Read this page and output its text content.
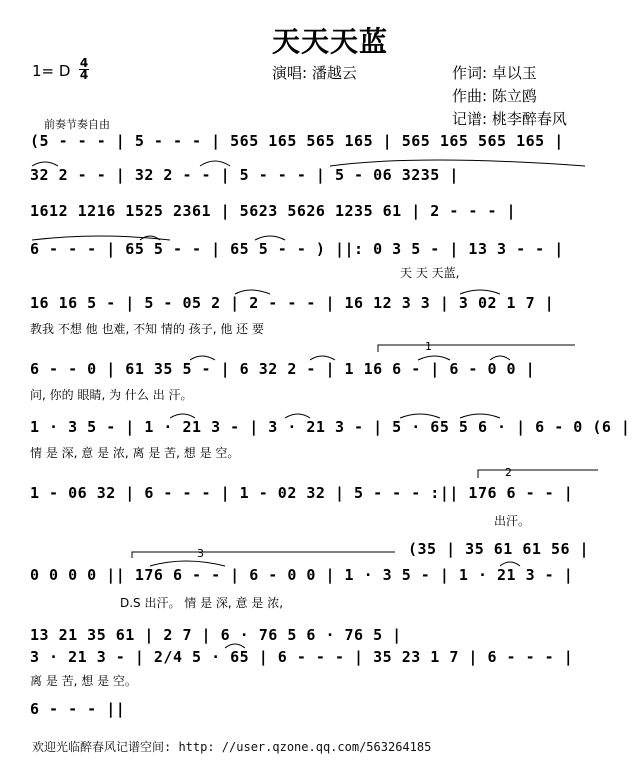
天天天蓝
1= D 4
4	演唱: 潘越云	作词: 卓以玉
作曲: 陈立鸥
记谱: 桃李醉春风
前奏节奏自由
(5 - - - | 5 - - - | 565 165 565 165 | 565 165 565 165 |
32 2 - - | 32 2 - - | 5 - - - | 5 - 06 3235 |
1612 1216 1525 2361 | 5623 5626 1235 61 | 2 - - - |
6 - - - | 65 5 - - | 65 5 - - ) ||: 0 3 5 - | 13 3 - - |
天 天 天蓝,
16 16 5 - | 5 - 05 2 | 2 - - - | 16 12 3 3 | 3 02 1 7 |
教我 不想 他 也难, 不知 情的 孩子, 他 还 要
6 - - 0 | 61 35 5 - | 6 32 2 - | 1 16 6 - | 6 - 0 0 |
问, 你的 眼睛, 为 什么 出 汗。
1 · 3 5 - | 1 · 21 3 - | 3 · 21 3 - | 5 · 65 5 6 · | 6 - 0 (6 |
情 是 深, 意 是 浓, 离 是 苦, 想 是 空。
1 - 06 32 | 6 - - - | 1 - 02 32 | 5 - - - :|| 176 6 - - |
出汗。
(35 | 35 61 61 56 |
0 0 0 0 || 176 6 - - | 6 - 0 0 | 1 · 3 5 - | 1 · 21 3 - |
D.S 出汗。 情 是 深, 意 是 浓,
13 21 35 61 | 2 7 | 6 · 76 5 6 · 76 5 |
3 · 21 3 - | 2/4 5 · 65 | 6 - - - | 35 23 1 7 | 6 - - - |
离 是 苦, 想 是 空。
6 - - - ||
1
2
3
欢迎光临醉春风记谱空间: http: //user.qzone.qq.com/563264185
